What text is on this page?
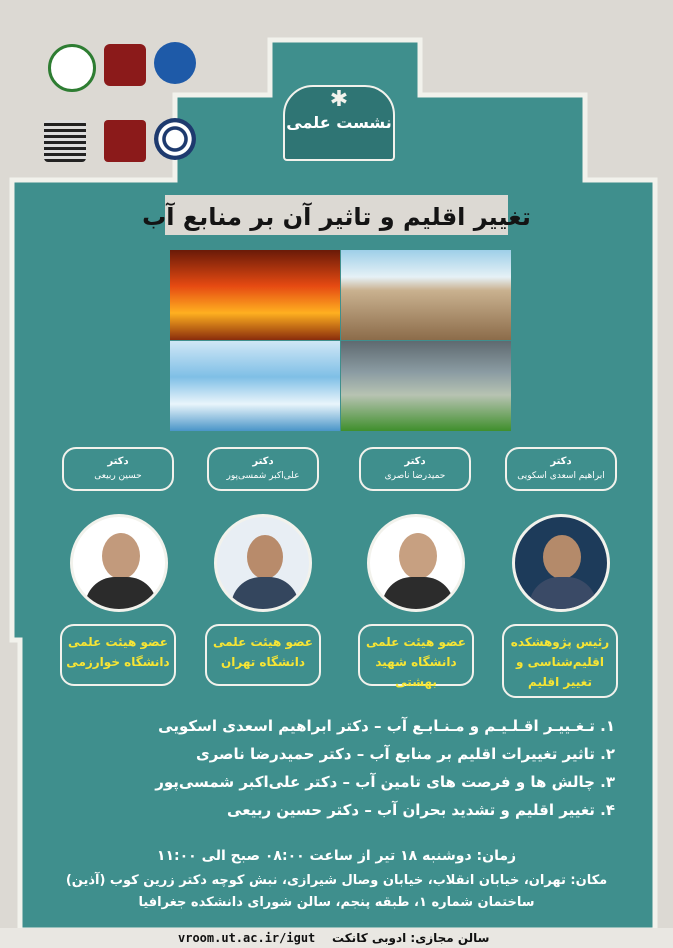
✱
نشست علمی
تغییر اقلیم و تاثیر آن بر منابع آب
دکتر
ابراهیم اسعدی اسکویی
رئیس پژوهشکده
اقلیم‌شناسی و
تغییر اقلیم
دکتر
حمیدرضا ناصری
عضو هیئت علمی
دانشگاه شهید بهشتی
دکتر
علی‌اکبر شمسی‌پور
عضو هیئت علمی
دانشگاه تهران
دکتر
حسین ربیعی
عضو هیئت علمی
دانشگاه خوارزمی
۱. تـغـییـر اقـلـیـم و مـنـابـع آب – دکتر ابراهیم اسعدی اسکویی
۲. تاثیر تغییرات اقلیم بر منابع آب – دکتر حمیدرضا ناصری
۳. چالش ها و فرصت های تامین آب – دکتر علی‌اکبر شمسی‌پور
۴. تغییر اقلیم و تشدید بحران آب – دکتر حسین ربیعی
زمان: دوشنبه ۱۸ تیر از ساعت ۰۸:۰۰ صبح الی ۱۱:۰۰
مکان: تهران، خیابان انقلاب، خیابان وصال شیرازی، نبش کوچه دکتر زرین کوب (آذین)
ساختمان شماره ۱، طبقه پنجم، سالن شورای دانشکده جغرافیا
vroom.ut.ac.ir/igut سالن مجازی: ادوبی کانکت
